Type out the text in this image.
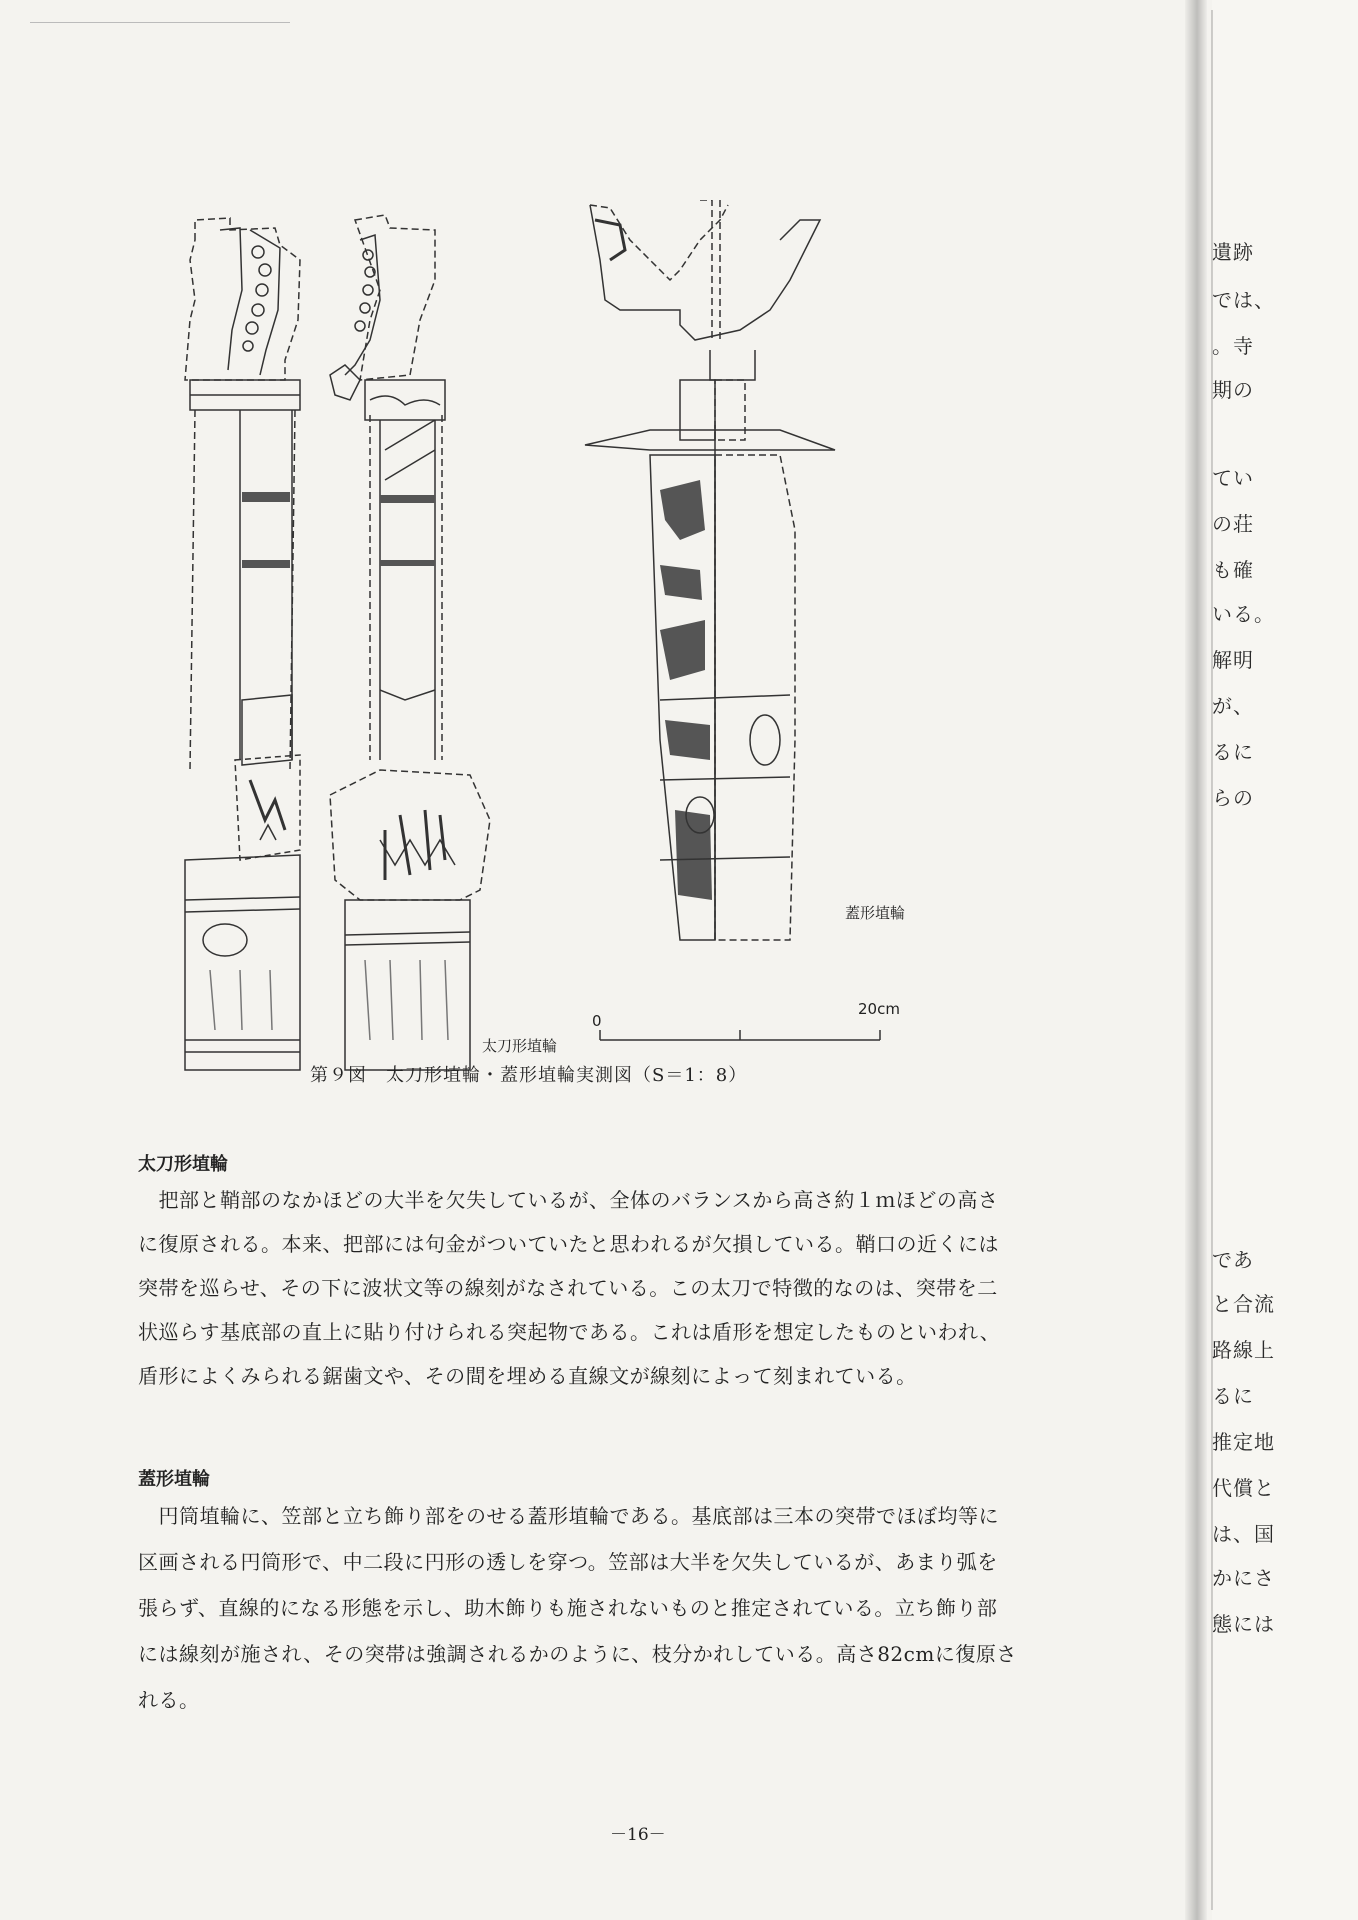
蓋形埴輪
0
20cm
太刀形埴輪
第９図　太刀形埴輪・蓋形埴輪実測図（S＝1：8）
太刀形埴輪
　把部と鞘部のなかほどの大半を欠失しているが、全体のバランスから高さ約１ｍほどの高さ
に復原される。本来、把部には句金がついていたと思われるが欠損している。鞘口の近くには
突帯を巡らせ、その下に波状文等の線刻がなされている。この太刀で特徴的なのは、突帯を二
状巡らす基底部の直上に貼り付けられる突起物である。これは盾形を想定したものといわれ、
盾形によくみられる鋸歯文や、その間を埋める直線文が線刻によって刻まれている。
蓋形埴輪
　円筒埴輪に、笠部と立ち飾り部をのせる蓋形埴輪である。基底部は三本の突帯でほぼ均等に
区画される円筒形で、中二段に円形の透しを穿つ。笠部は大半を欠失しているが、あまり弧を
張らず、直線的になる形態を示し、助木飾りも施されないものと推定されている。立ち飾り部
には線刻が施され、その突帯は強調されるかのように、枝分かれしている。高さ82cmに復原さ
れる。
－16－
遺跡
では、
。寺
期の
てい
の荘
も確
いる。
解明
が、
るに
らの
であ
と合流
路線上
るに
推定地
代償と
は、国
かにさ
態には
